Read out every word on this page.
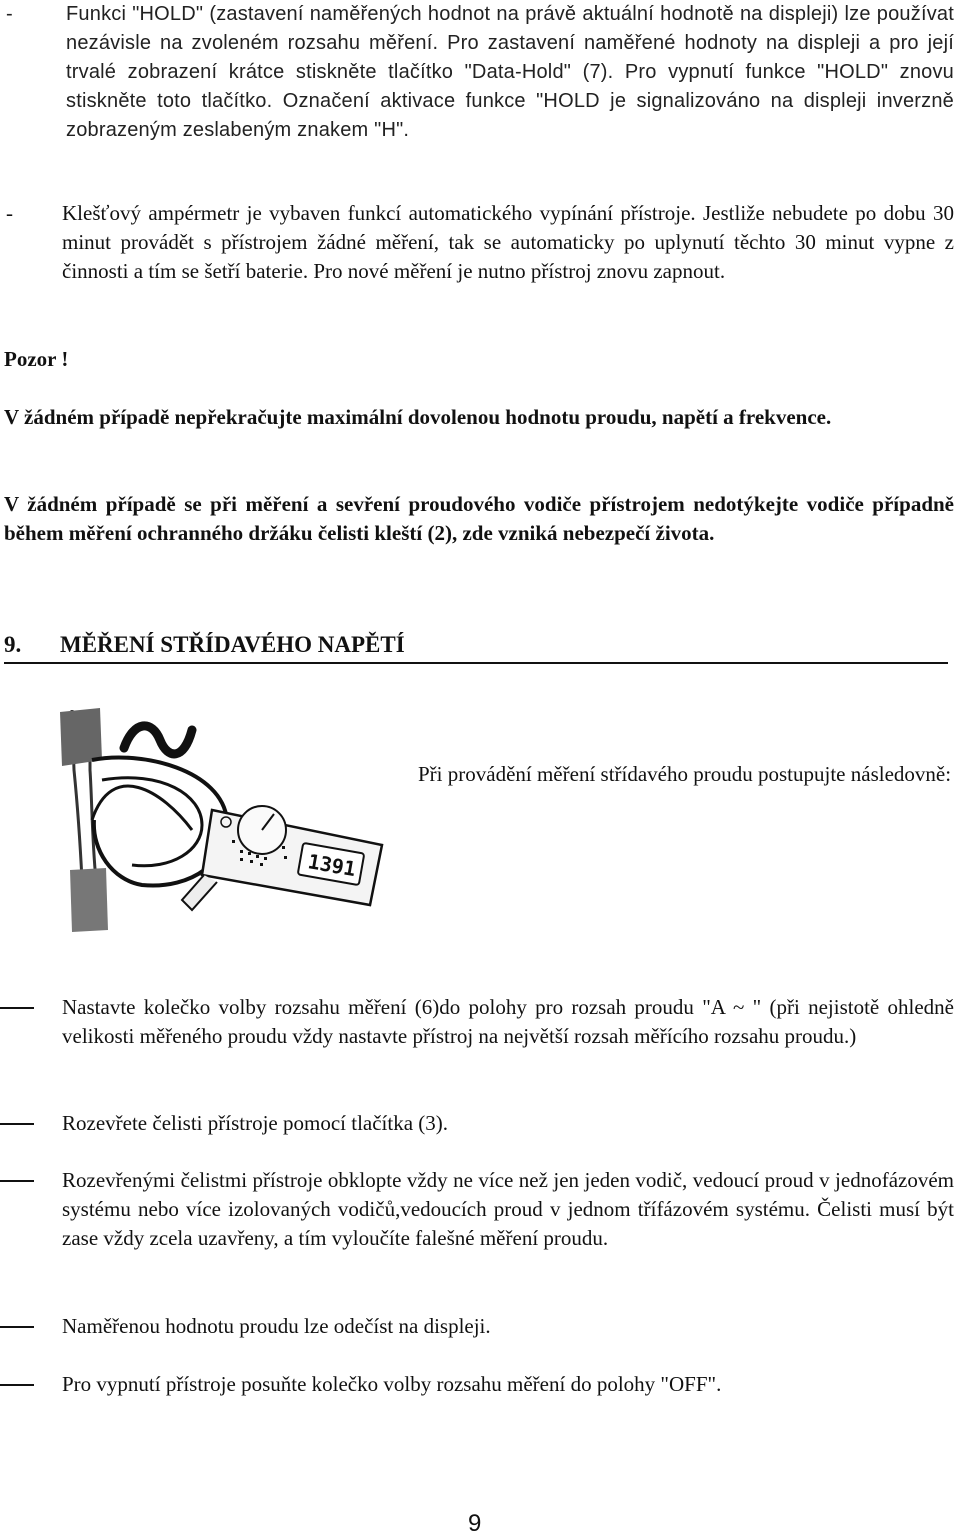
-	Funkci "HOLD" (zastavení naměřených hodnot na právě aktuální hodnotě na displeji) lze používat nezávisle na zvoleném rozsahu měření. Pro zastavení naměřené hodnoty na displeji a pro její trvalé zobrazení krátce stiskněte tlačítko "Data-Hold" (7). Pro vypnutí funkce "HOLD" znovu stiskněte toto tlačítko. Označení aktivace funkce "HOLD je signalizováno na displeji inverzně zobrazeným zeslabeným znakem "H".
- Klešťový ampérmetr je vybaven funkcí automatického vypínání přístroje. Jestliže nebudete po dobu 30 minut provádět s přístrojem žádné měření, tak se automaticky po uplynutí těchto 30 minut vypne z činnosti a tím se šetří baterie. Pro nové měření je nutno přístroj znovu zapnout.
Pozor !
V žádném případě nepřekračujte maximální dovolenou hodnotu proudu, napětí a frekvence.
V žádném případě se při měření a sevření proudového vodiče přístrojem nedotýkejte vodiče případně během měření ochranného držáku čelisti kleští (2), zde vzniká nebezpečí života.
9. MĚŘENÍ STŘÍDAVÉHO NAPĚTÍ
1391
Při provádění měření střídavého proudu postupujte následovně:
Nastavte kolečko volby rozsahu měření (6)do polohy pro rozsah proudu "A ~ " (při nejistotě ohledně velikosti měřeného proudu vždy nastavte přístroj na největší rozsah měřícího rozsahu proudu.)
Rozevřete čelisti přístroje pomocí tlačítka (3).
Rozevřenými čelistmi přístroje obklopte vždy ne více než jen jeden vodič, vedoucí proud v jednofázovém systému nebo více izolovaných vodičů,vedoucích proud v jednom třífázovém systému. Čelisti musí být zase vždy zcela uzavřeny, a tím vyloučíte falešné měření proudu.
Naměřenou hodnotu proudu lze odečíst na displeji.
Pro vypnutí přístroje posuňte kolečko volby rozsahu měření do polohy "OFF".
9
